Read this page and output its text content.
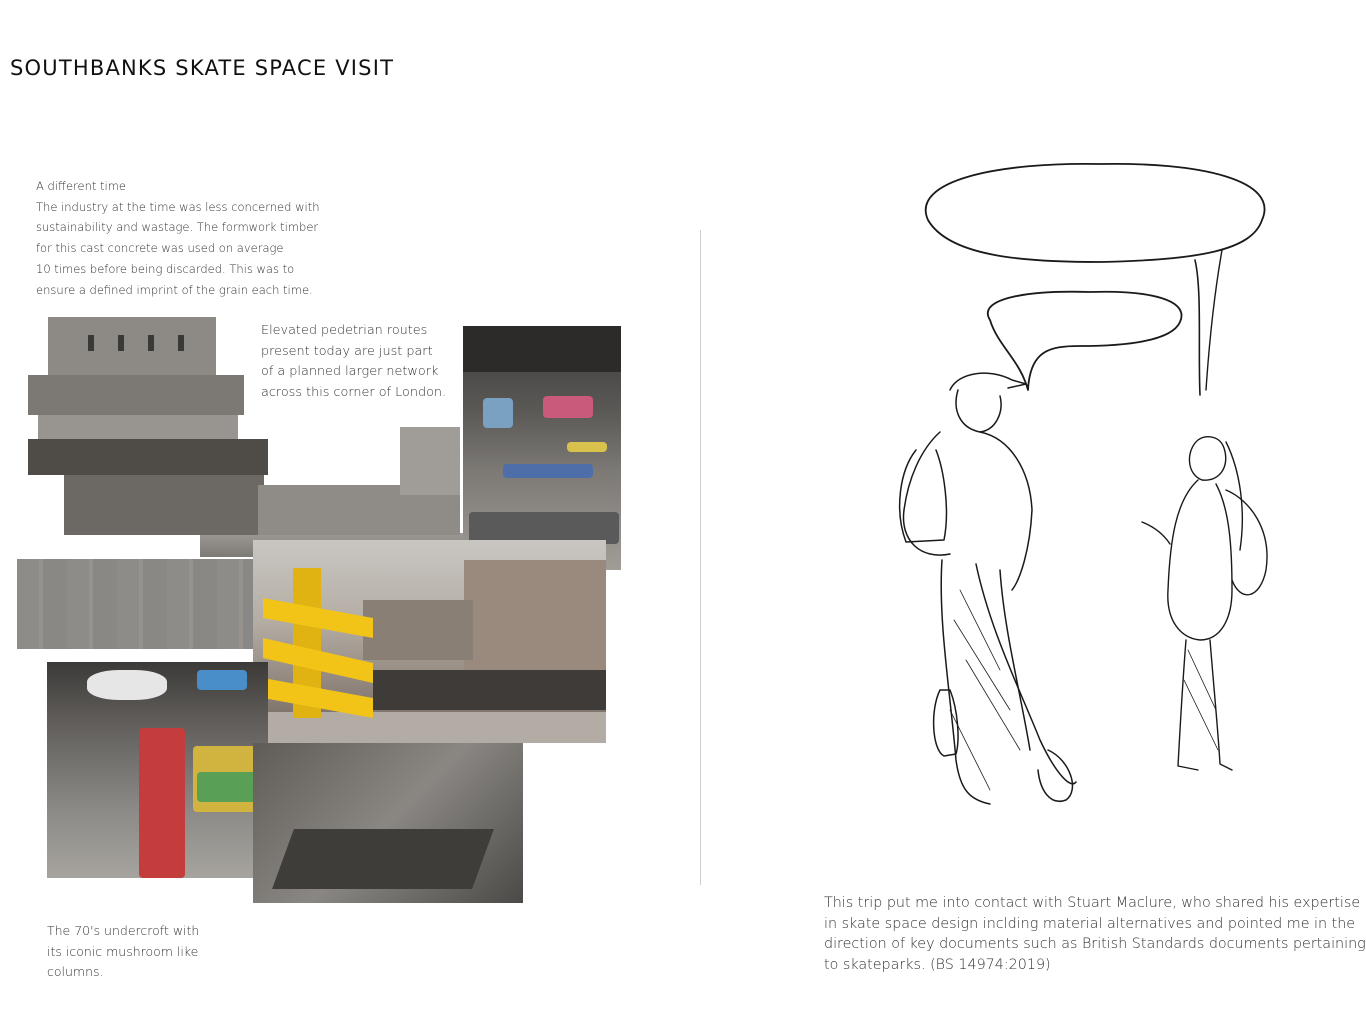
SOUTHBANKS SKATE SPACE VISIT
A different time
The industry at the time was less concerned with
sustainability and wastage. The formwork timber
for this cast concrete was used on average
10 times before being discarded. This was to
ensure a defined imprint of the grain each time.
Elevated pedetrian routes
present today are just part
of a planned larger network
across this corner of London.
The 70's undercroft with
its iconic mushroom like
columns.
This trip put me into contact with Stuart Maclure, who shared his expertise
in skate space design inclding material alternatives and pointed me in the
direction of key documents such as British Standards documents pertaining
to skateparks. (BS 14974:2019)
